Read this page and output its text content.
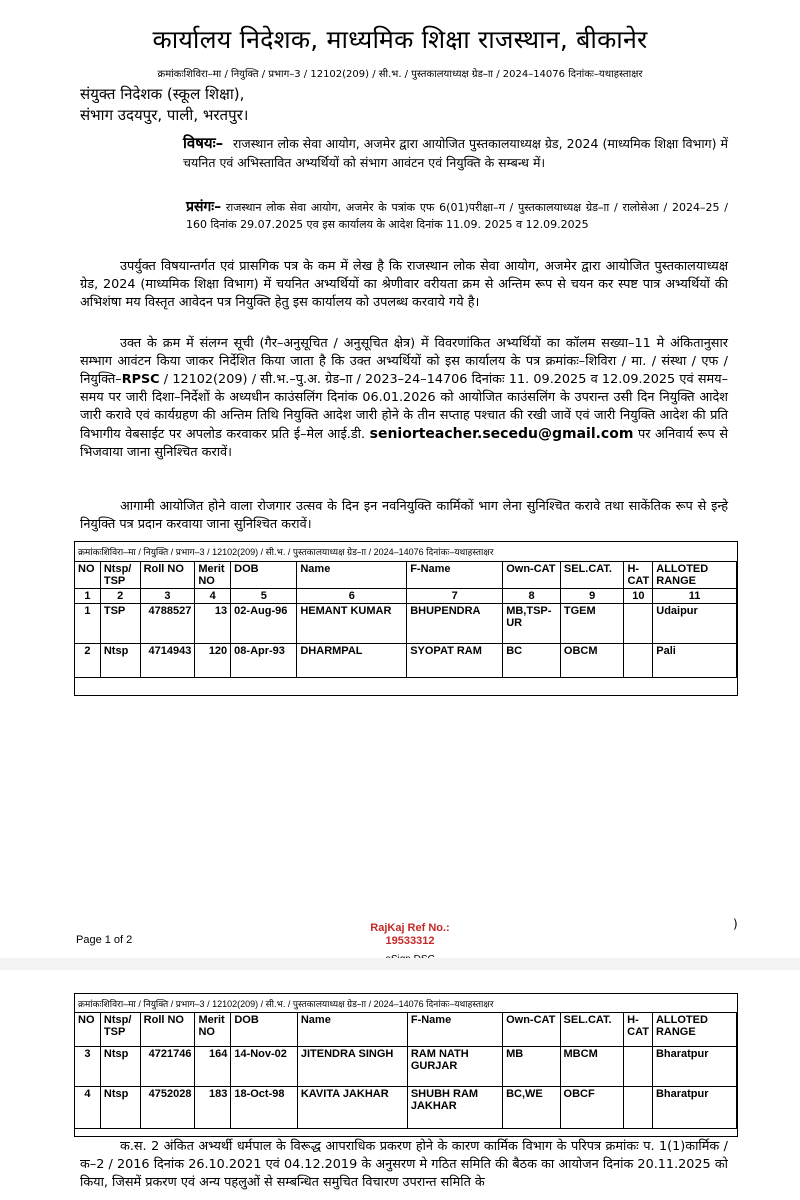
कार्यालय निदेशक, माध्यमिक शिक्षा राजस्थान, बीकानेर
क्रमांकःशिविरा–मा / नियुक्ति / प्रभाग–3 / 12102(209) / सी.भ. / पुस्तकालयाध्यक्ष ग्रेड–ाा / 2024–14076 दिनांकः–यथाहस्ताक्षर
संयुक्त निदेशक (स्कूल शिक्षा),
संभाग उदयपुर, पाली, भरतपुर।
विषयः– राजस्थान लोक सेवा आयोग, अजमेर द्वारा आयोजित पुस्तकालयाध्यक्ष ग्रेड, 2024 (माध्यमिक शिक्षा विभाग) में चयनित एवं अभिस्तावित अभ्यर्थियों को संभाग आवंटन एवं नियुक्ति के सम्बन्ध में।
प्रसंगः– राजस्थान लोक सेवा आयोग, अजमेर के पत्रांक एफ 6(01)परीक्षा–ग / पुस्तकालयाध्यक्ष ग्रेड–ाा / रालोसेआ / 2024–25 / 160 दिनांक 29.07.2025 एव इस कार्यालय के आदेश दिनांक 11.09. 2025 व 12.09.2025
उपर्युक्त विषयान्तर्गत एवं प्रासगिक पत्र के कम में लेख है कि राजस्थान लोक सेवा आयोग, अजमेर द्वारा आयोजित पुस्तकालयाध्यक्ष ग्रेड, 2024 (माध्यमिक शिक्षा विभाग) में चयनित अभ्यर्थियों का श्रेणीवार वरीयता क्रम से अन्तिम रूप से चयन कर स्पष्ट पात्र अभ्यर्थियों की अभिशंषा मय विस्तृत आवेदन पत्र नियुक्ति हेतु इस कार्यालय को उपलब्ध करवाये गये है।
उक्त के क्रम में संलग्न सूची (गैर–अनुसूचित / अनुसूचित क्षेत्र) में विवरणांकित अभ्यर्थियों का कॉलम सख्या–11 मे अंकितानुसार सम्भाग आवंटन किया जाकर निर्देशित किया जाता है कि उक्त अभ्यर्थियों को इस कार्यालय के पत्र क्रमांकः–शिविरा / मा. / संस्था / एफ / नियुक्ति–RPSC / 12102(209) / सी.भ.–पु.अ. ग्रेड–ाा / 2023–24–14706 दिनांकः 11. 09.2025 व 12.09.2025 एवं समय–समय पर जारी दिशा–निर्देशों के अध्यधीन काउंसलिंग दिनांक 06.01.2026 को आयोजित काउंसलिंग के उपरान्त उसी दिन नियुक्ति आदेश जारी करावे एवं कार्यग्रहण की अन्तिम तिथि नियुक्ति आदेश जारी होने के तीन सप्ताह पश्चात की रखी जावें एवं जारी नियुक्ति आदेश की प्रति विभागीय वेबसाईट पर अपलोड करवाकर प्रति ई–मेल आई.डी. seniorteacher.secedu@gmail.com पर अनिवार्य रूप से भिजवाया जाना सुनिश्चित करावें।
आगामी आयोजित होने वाला रोजगार उत्सव के दिन इन नवनियुक्ति कार्मिकों भाग लेना सुनिश्चित करावे तथा साकेंतिक रूप से इन्हे नियुक्ति पत्र प्रदान करवाया जाना सुनिश्चित करावें।
क्रमांकःशिविरा–मा / नियुक्ति / प्रभाग–3 / 12102(209) / सी.भ. / पुस्तकालयाध्यक्ष ग्रेड–ाा / 2024–14076 दिनांकः–यथाहस्ताक्षर
NO	Ntsp/ TSP	Roll NO	Merit NO	DOB	Name	F-Name	Own-CAT	SEL.CAT.	H-CAT	ALLOTED RANGE
1	2	3	4	5	6	7	8	9	10	11
1	TSP	4788527	13	02-Aug-96	HEMANT KUMAR	BHUPENDRA	MB,TSP-UR	TGEM		Udaipur
2	Ntsp	4714943	120	08-Apr-93	DHARMPAL	SYOPAT RAM	BC	OBCM		Pali
RajKaj Ref No.:
19533312
Page 1 of 2
)
क्रमांकःशिविरा–मा / नियुक्ति / प्रभाग–3 / 12102(209) / सी.भ. / पुस्तकालयाध्यक्ष ग्रेड–ाा / 2024–14076 दिनांकः–यथाहस्ताक्षर
NO	Ntsp/ TSP	Roll NO	Merit NO	DOB	Name	F-Name	Own-CAT	SEL.CAT.	H-CAT	ALLOTED RANGE
3	Ntsp	4721746	164	14-Nov-02	JITENDRA SINGH	RAM NATH GURJAR	MB	MBCM		Bharatpur
4	Ntsp	4752028	183	18-Oct-98	KAVITA JAKHAR	SHUBH RAM JAKHAR	BC,WE	OBCF		Bharatpur
क.स. 2 अंकित अभ्यर्थी धर्मपाल के विरूद्ध आपराधिक प्रकरण होने के कारण कार्मिक विभाग के परिपत्र क्रमांकः प. 1(1)कार्मिक / क–2 / 2016 दिनांक 26.10.2021 एवं 04.12.2019 के अनुसरण मे गठित समिति की बैठक का आयोजन दिनांक 20.11.2025 को किया, जिसमें प्रकरण एवं अन्य पहलुओं से सम्बन्धित समुचित विचारण उपरान्त समिति के
